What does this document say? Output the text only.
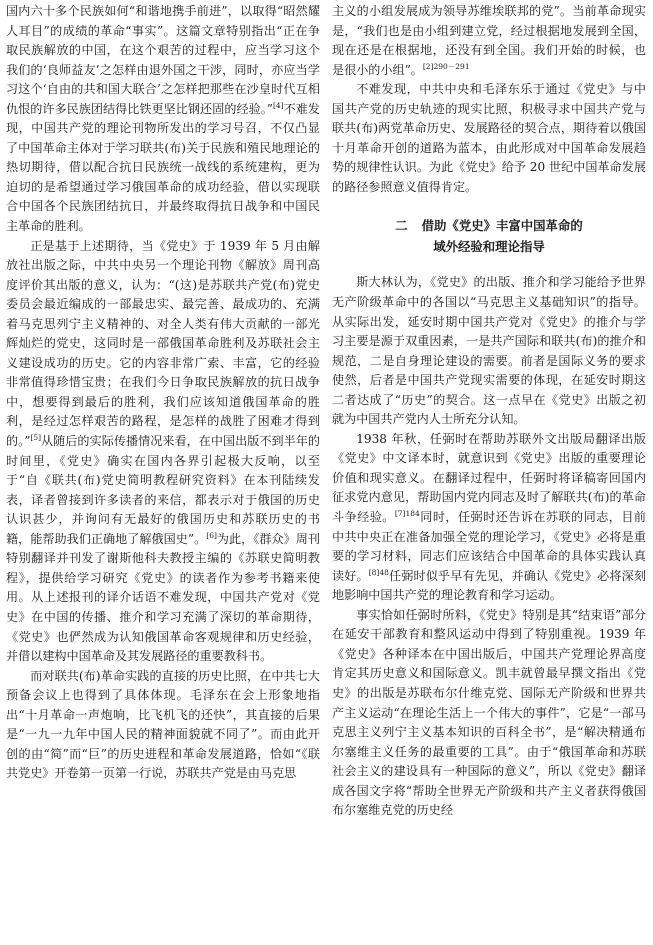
国内六十多个民族如何“和谐地携手前进”，以取得“昭然耀人耳目”的成绩的革命“事实”。这篇文章特别指出“正在争取民族解放的中国，在这个艰苦的过程中，应当学习这个我们的‘良师益友’之怎样由退外国之干涉，同时，亦应当学习这个‘自由的共和国大联合’之怎样把那些在沙皇时代互相仇恨的许多民族团结得比铁更坚比钢还固的经验。”[4]不难发现，中国共产党的理论刊物所发出的学习号召，不仅凸显了中国革命主体对于学习联共(布)关于民族和殖民地理论的热切期待，借以配合抗日民族统一战线的系统建构，更为迫切的是希望通过学习俄国革命的成功经验，借以实现联合中国各个民族团结抗日，并最终取得抗日战争和中国民主革命的胜利。

正是基于上述期待，当《党史》于 1939 年 5 月由解放社出版之际，中共中央另一个理论刊物《解放》周刊高度评价其出版的意义，认为：“(这)是苏联共产党(布)党史委员会最近编成的一部最忠实、最完善、最成功的、充满着马克思列宁主义精神的、对全人类有伟大贡献的一部光辉灿烂的党史，这同时是一部俄国革命胜利及苏联社会主义建设成功的历史。它的内容非常广索、丰富，它的经验非常值得珍惜宝贵；在我们今日争取民族解放的抗日战争中，想要得到最后的胜利，我们应该知道俄国革命的胜利，是经过怎样艰苦的路程，是怎样的战胜了困难才得到的。”[5]从随后的实际传播情况来看，在中国出版不到半年的时间里，《党史》确实在国内各界引起极大反响，以至于“自《联共(布)党史简明教程研究资料》在本刊陆续发表，译者曾接到许多读者的来信，都表示对于俄国的历史认识甚少，并询问有无最好的俄国历史和苏联历史的书籍，能帮助我们正确地了解俄国史”。[6]为此，《群众》周刊特别翻译并刊发了谢斯他科夫教授主编的《苏联史简明教程》，提供给学习研究《党史》的读者作为参考书籍来使用。从上述报刊的译介话语不难发现，中国共产党对《党史》在中国的传播、推介和学习充满了深切的革命期待，《党史》也俨然成为认知俄国革命客观规律和历史经验，并借以建构中国革命及其发展路径的重要教科书。

而对联共(布)革命实践的直接的历史比照，在中共七大预备会议上也得到了具体体现。毛泽东在会上形象地指出“十月革命一声炮响，比飞机飞的还快”，其直接的后果是“一九一九年中国人民的精神面貌就不同了”。而由此开创的由“简”而“巨”的历史进程和革命发展道路，恰如“《联共党史》开卷第一页第一行说，苏联共产党是由马克思

主义的小组发展成为领导苏维埃联邦的党”。当前革命现实是，“我们也是由小组到建立党，经过根据地发展到全国，现在还是在根据地，还没有到全国。我们开始的时候，也是很小的小组”。$^{[2]290-291}$

不难发现，中共中央和毛泽东乐于通过《党史》与中国共产党的历史轨迹的现实比照，积极寻求中国共产党与联共(布)两党革命历史、发展路径的契合点，期待着以俄国十月革命开创的道路为蓝本，由此形成对中国革命发展趋势的规律性认识。为此《党史》给予 20 世纪中国革命发展的路径参照意义值得肯定。

二 借助《党史》丰富中国革命的
域外经验和理论指导

斯大林认为，《党史》的出版、推介和学习能给予世界无产阶级革命中的各国以“马克思主义基础知识”的指导。从实际出发，延安时期中国共产党对《党史》的推介与学习主要是源于双重因素，一是共产国际和联共(布)的推介和规范，二是自身理论建设的需要。前者是国际义务的要求使然，后者是中国共产党现实需要的体现，在延安时期这二者达成了“历史”的契合。这一点早在《党史》出版之初就为中国共产党内人士所充分认知。

1938 年秋，任弼时在帮助苏联外文出版局翻译出版《党史》中文译本时，就意识到《党史》出版的重要理论价值和现实意义。在翻译过程中，任弼时将译稿寄回国内征求党内意见，帮助国内党内同志及时了解联共(布)的革命斗争经验。$^{[7]184}$同时，任弼时还告诉在苏联的同志，目前中共中央正在准备加强全党的理论学习，《党史》必将是重要的学习材料，同志们应该结合中国革命的具体实践认真读好。$^{[8]48}$任弼时似乎早有先见，并确认《党史》必将深刻地影响中国共产党的理论教育和学习运动。

事实恰如任弼时所料，《党史》特别是其“结束语”部分在延安干部教育和整风运动中得到了特别重视。1939 年《党史》各种译本在中国出版后，中国共产党理论界高度肯定其历史意义和国际意义。凯丰就曾最早撰文指出《党史》的出版是苏联布尔什维克党、国际无产阶级和世界共产主义运动“在理论生活上一个伟大的事件”，它是“一部马克思主义列宁主义基本知识的百科全书”，是“解决精通布尔塞维主义任务的最重要的工具”。由于“俄国革命和苏联社会主义的建设具有一种国际的意义”，所以《党史》翻译成各国文字将“帮助全世界无产阶级和共产主义者获得俄国布尔塞维克党的历史经
